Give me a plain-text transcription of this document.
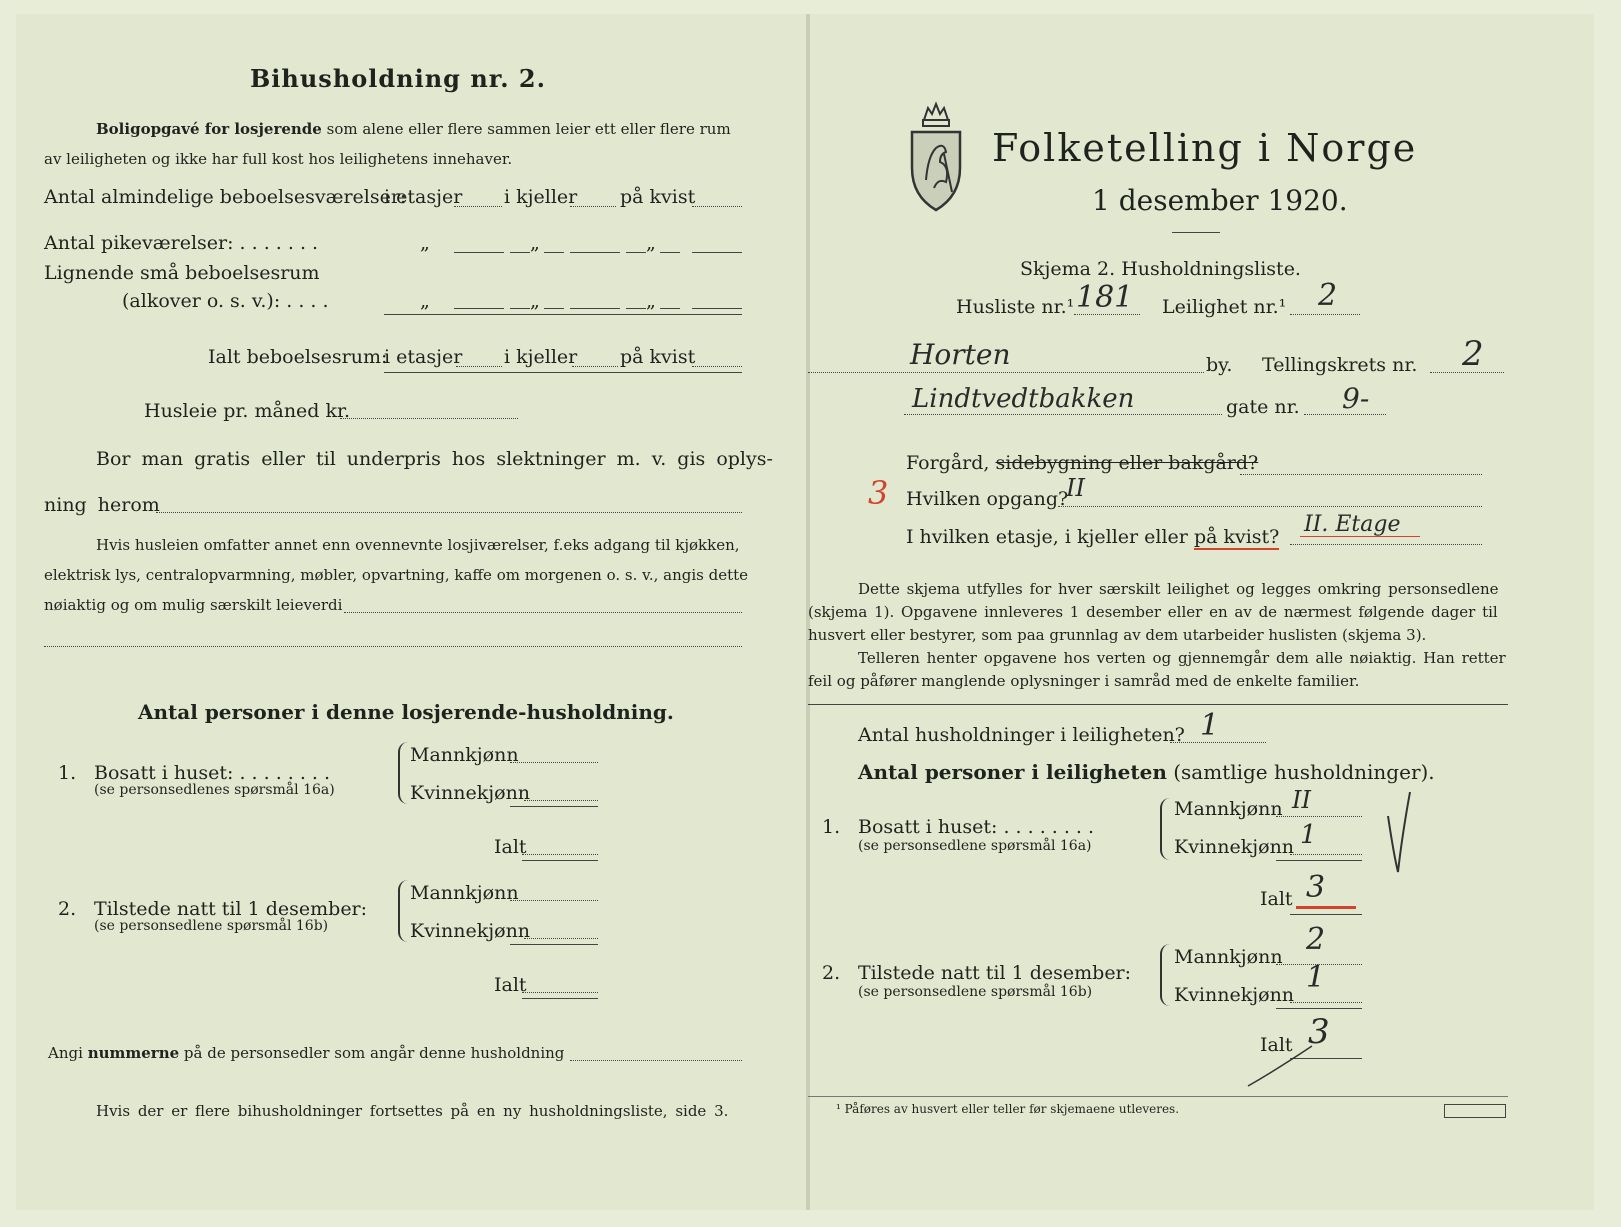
Bihusholdning nr. 2.
Boligopgavé for losjerende som alene eller flere sammen leier ett eller flere rum
av leiligheten og ikke har full kost hos leilighetens innehaver.
Antal almindelige beboelsesværelser:
i etasjer i kjeller på kvist
Antal pikeværelser: . . . . . . .	„	„	„
Lignende små beboelsesrum
(alkover o. s. v.): . . . .	„	„	„
Ialt beboelsesrum:
i etasjer i kjeller på kvist
Husleie pr. måned kr.
Bor man gratis eller til underpris hos slektninger m. v. gis oplys-
ning herom
Hvis husleien omfatter annet enn ovennevnte losjiværelser, f.eks adgang til kjøkken,
elektrisk lys, centralopvarmning, møbler, opvartning, kaffe om morgenen o. s. v., angis dette
nøiaktig og om mulig særskilt leieverdi
Antal personer i denne losjerende-husholdning.
1. Bosatt i huset: . . . . . . . .
(se personsedlenes spørsmål 16a)
Mannkjønn
Kvinnekjønn
Ialt
2. Tilstede natt til 1 desember:
(se personsedlene spørsmål 16b)
Mannkjønn
Kvinnekjønn
Ialt
Angi nummerne på de personsedler som angår denne husholdning
Hvis der er flere bihusholdninger fortsettes på en ny husholdningsliste, side 3.
Folketelling i Norge
1 desember 1920.
Skjema 2. Husholdningsliste.
Husliste nr.¹ 181 Leilighet nr.¹ 2
Horten	by. Tellingskrets nr. 2
Lindtvedtbakken	gate nr. 9-
Forgård, sidebygning eller bakgård?
3 Hvilken opgang?
II
I hvilken etasje, i kjeller eller på kvist? II. Etage
Dette skjema utfylles for hver særskilt leilighet og legges omkring personsedlene
(skjema 1). Opgavene innleveres 1 desember eller en av de nærmest følgende dager til
husvert eller bestyrer, som paa grunnlag av dem utarbeider huslisten (skjema 3).
Telleren henter opgavene hos verten og gjennemgår dem alle nøiaktig. Han retter
feil og påfører manglende oplysninger i samråd med de enkelte familier.
Antal husholdninger i leiligheten? 1
Antal personer i leiligheten (samtlige husholdninger).
1. Bosatt i huset: . . . . . . . .
(se personsedlene spørsmål 16a)
Mannkjønn II
Kvinnekjønn 1
Ialt 3
2. Tilstede natt til 1 desember:
(se personsedlene spørsmål 16b)
Mannkjønn 2
Kvinnekjønn 1
Ialt 3
¹ Påføres av husvert eller teller før skjemaene utleveres.
